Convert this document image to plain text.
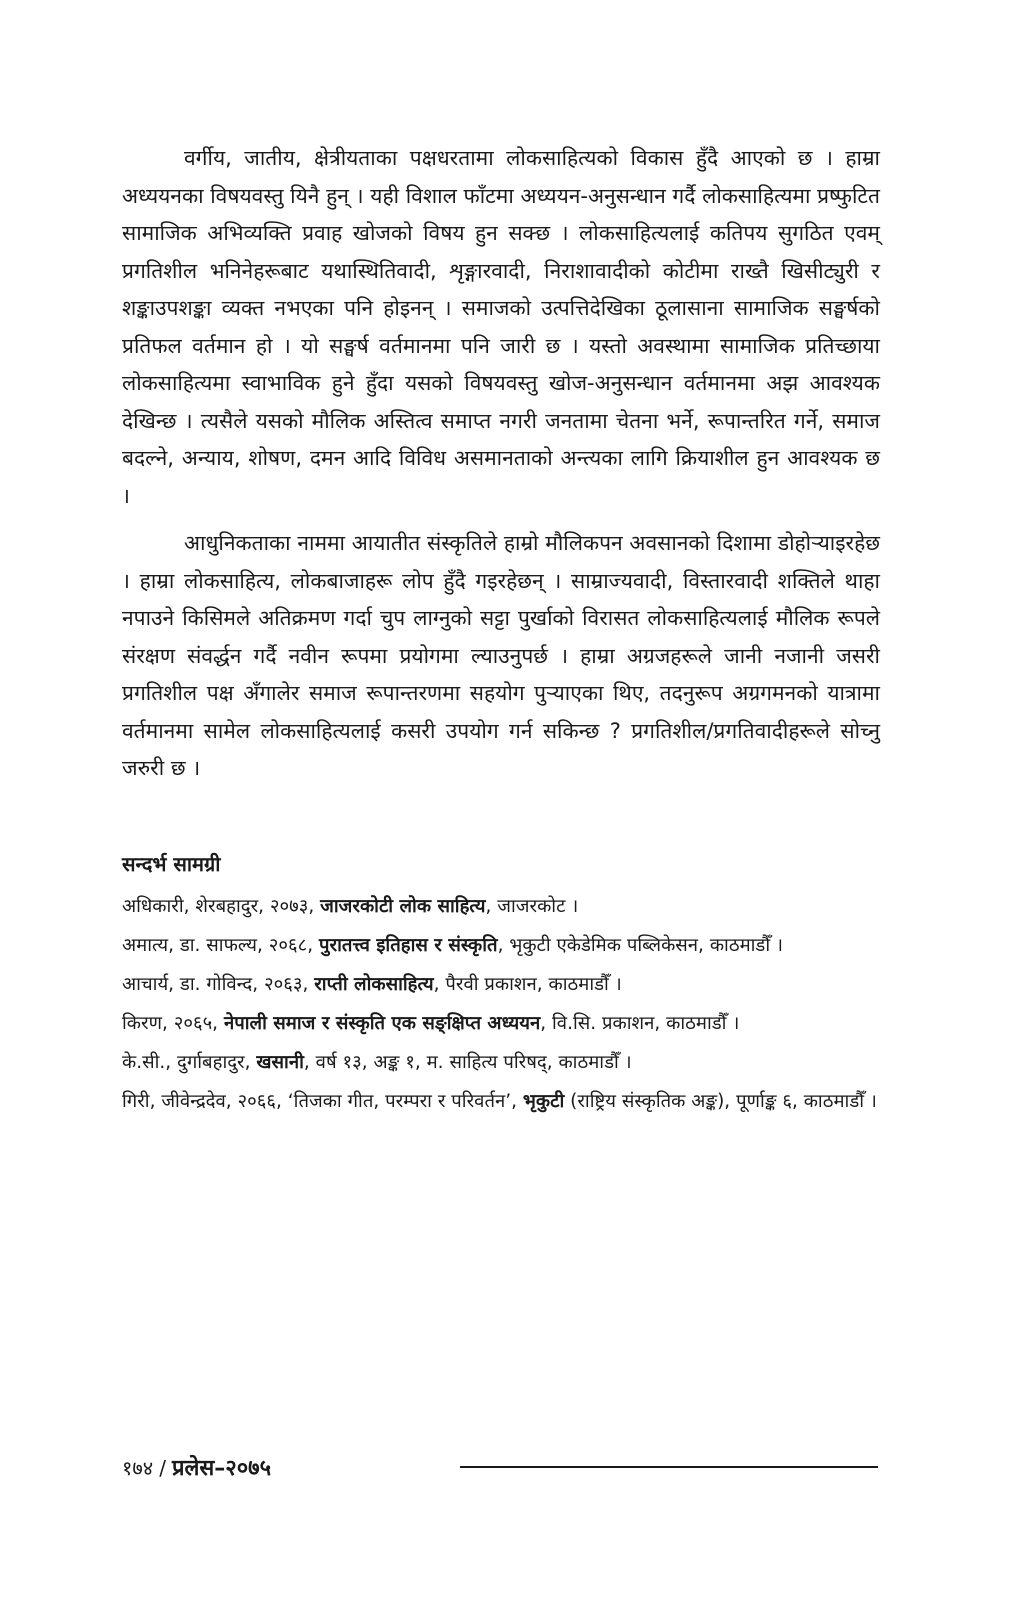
वर्गीय, जातीय, क्षेत्रीयताका पक्षधरतामा लोकसाहित्यको विकास हुँदै आएको छ । हाम्रा अध्ययनका विषयवस्तु यिनै हुन् । यही विशाल फाँटमा अध्ययन-अनुसन्धान गर्दै लोकसाहित्यमा प्रष्फुटित सामाजिक अभिव्यक्ति प्रवाह खोजको विषय हुन सक्छ । लोकसाहित्यलाई कतिपय सुगठित एवम् प्रगतिशील भनिनेहरूबाट यथास्थितिवादी, शृङ्गारवादी, निराशावादीको कोटीमा राख्तै खिसीट्युरी र शङ्काउपशङ्का व्यक्त नभएका पनि होइनन् । समाजको उत्पत्तिदेखिका ठूलासाना सामाजिक सङ्घर्षको प्रतिफल वर्तमान हो । यो सङ्घर्ष वर्तमानमा पनि जारी छ । यस्तो अवस्थामा सामाजिक प्रतिच्छाया लोकसाहित्यमा स्वाभाविक हुने हुँदा यसको विषयवस्तु खोज-अनुसन्धान वर्तमानमा अझ आवश्यक देखिन्छ । त्यसैले यसको मौलिक अस्तित्व समाप्त नगरी जनतामा चेतना भर्ने, रूपान्तरित गर्ने, समाज बदल्ने, अन्याय, शोषण, दमन आदि विविध असमानताको अन्त्यका लागि क्रियाशील हुन आवश्यक छ ।

आधुनिकताका नाममा आयातीत संस्कृतिले हाम्रो मौलिकपन अवसानको दिशामा डोहोऱ्याइरहेछ । हाम्रा लोकसाहित्य, लोकबाजाहरू लोप हुँदै गइरहेछन् । साम्राज्यवादी, विस्तारवादी शक्तिले थाहा नपाउने किसिमले अतिक्रमण गर्दा चुप लाग्नुको सट्टा पुर्खाको विरासत लोकसाहित्यलाई मौलिक रूपले संरक्षण संवर्द्धन गर्दै नवीन रूपमा प्रयोगमा ल्याउनुपर्छ । हाम्रा अग्रजहरूले जानी नजानी जसरी प्रगतिशील पक्ष अँगालेर समाज रूपान्तरणमा सहयोग पुऱ्याएका थिए, तदनुरूप अग्रगमनको यात्रामा वर्तमानमा सामेल लोकसाहित्यलाई कसरी उपयोग गर्न सकिन्छ ? प्रगतिशील/प्रगतिवादीहरूले सोच्नु जरुरी छ ।

सन्दर्भ सामग्री
अधिकारी, शेरबहादुर, २०७३, जाजरकोटी लोक साहित्य, जाजरकोट ।
अमात्य, डा. साफल्य, २०६८, पुरातत्त्व इतिहास र संस्कृति, भृकुटी एकेडेमिक पब्लिकेसन, काठमाडौँ ।
आचार्य, डा. गोविन्द, २०६३, राप्ती लोकसाहित्य, पैरवी प्रकाशन, काठमाडौँ ।
किरण, २०६५, नेपाली समाज र संस्कृति एक सङ्क्षिप्त अध्ययन, वि.सि. प्रकाशन, काठमाडौँ ।
के.सी., दुर्गाबहादुर, खसानी, वर्ष १३, अङ्क १, म. साहित्य परिषद्, काठमाडौँ ।
गिरी, जीवेन्द्रदेव, २०६६, ‘तिजका गीत, परम्परा र परिवर्तन’, भृकुटी (राष्ट्रिय संस्कृतिक अङ्क), पूर्णाङ्क ६, काठमाडौँ ।
१७४ / प्रलेस–२०७५
